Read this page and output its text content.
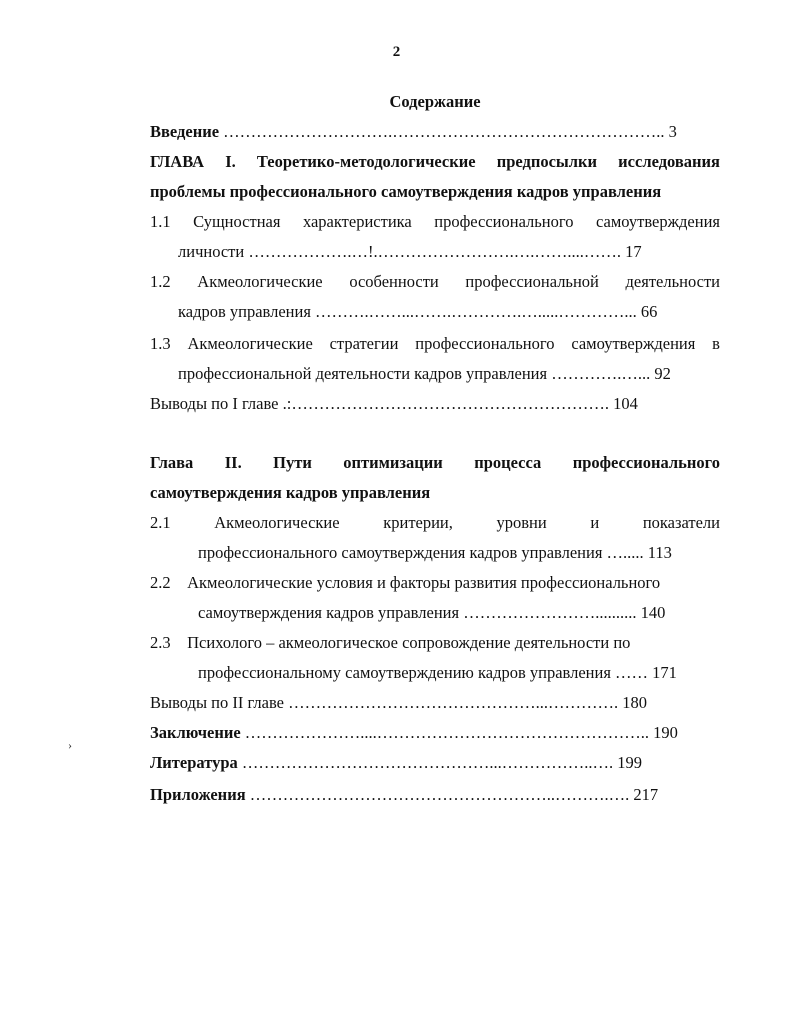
2
Содержание
Введение ………………………….………………………………………….. 3
ГЛАВА I. Теоретико-методологические предпосылки исследования
проблемы профессионального самоутверждения кадров управления
1.1 Сущностная характеристика профессионального самоутверждения
личности ……………….…!.…………………….….……....……. 17
1.2 Акмеологические особенности профессиональной деятельности
кадров управления ……….……...…….………….….....…………... 66
1.3 Акмеологические стратегии профессионального самоутверждения в
профессиональной деятельности кадров управления ………….…... 92
Выводы по I главе .:…………………………………………………. 104
Глава II. Пути оптимизации процесса профессионального
самоутверждения кадров управления
2.1	Акмеологические	критерии,	уровни	и	показатели
профессионального самоутверждения кадров управления …..... 113
2.2    Акмеологические условия и факторы развития профессионального
самоутверждения кадров управления …………………….......... 140
2.3    Психолого – акмеологическое сопровождение деятельности по
профессиональному самоутверждению кадров управления …… 171
Выводы по II главе ………………………………………...…………. 180
Заключение …………………....………………………………………….. 190
Литература ………………………………………...……………..…. 199
Приложения ………………………………………………..……….…. 217
›
